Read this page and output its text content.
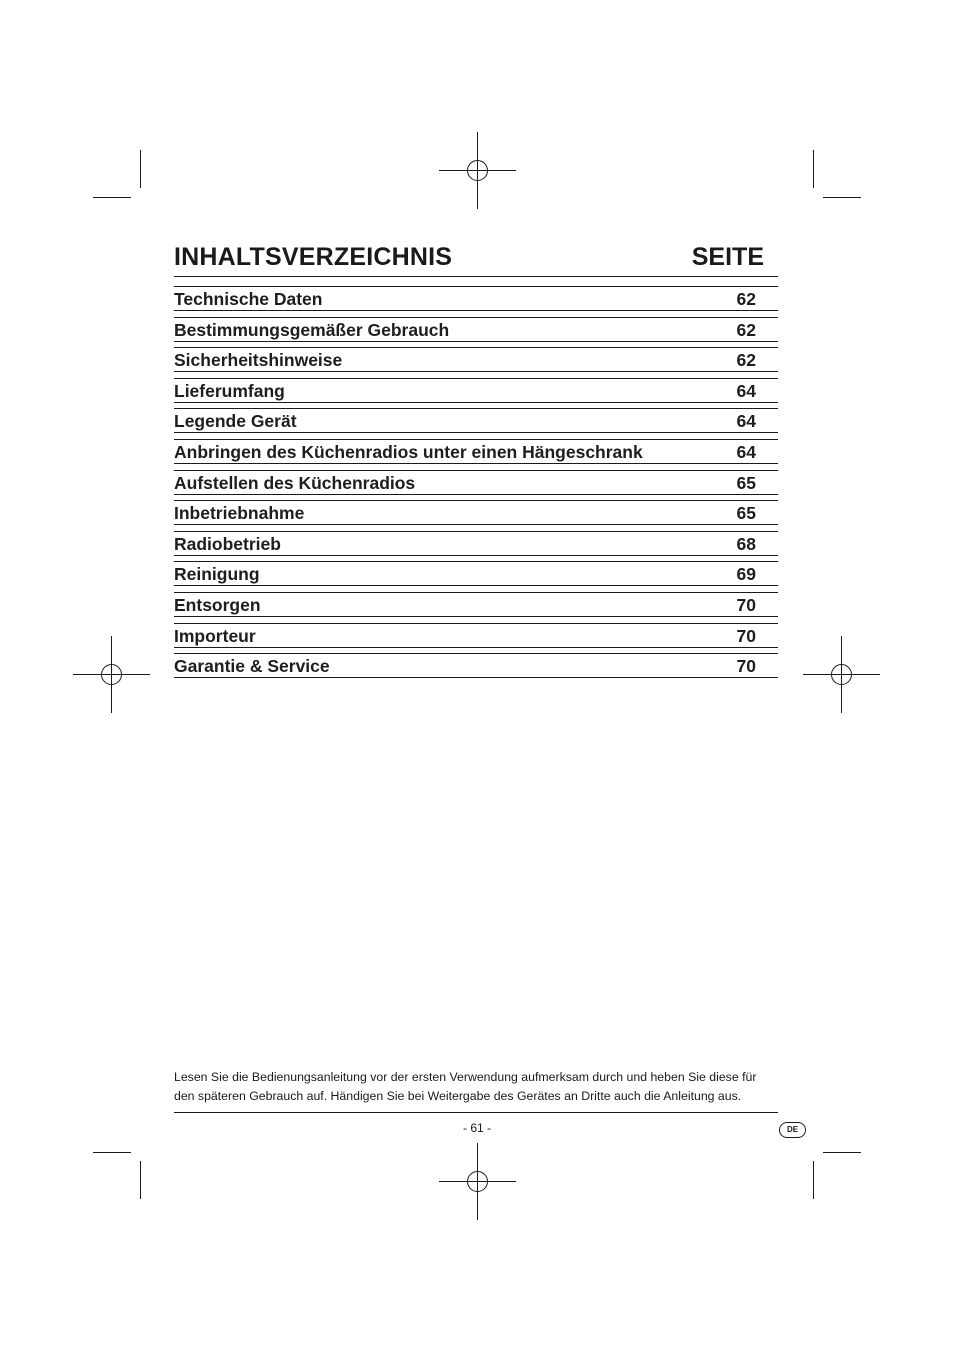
INHALTSVERZEICHNIS	SEITE
Technische Daten	62
Bestimmungsgemäßer Gebrauch	62
Sicherheitshinweise	62
Lieferumfang	64
Legende Gerät	64
Anbringen des Küchenradios unter einen Hängeschrank	64
Aufstellen des Küchenradios	65
Inbetriebnahme	65
Radiobetrieb	68
Reinigung	69
Entsorgen	70
Importeur	70
Garantie & Service	70
Lesen Sie die Bedienungsanleitung vor der ersten Verwendung aufmerksam durch und heben Sie diese für
den späteren Gebrauch auf. Händigen Sie bei Weitergabe des Gerätes an Dritte auch die Anleitung aus.
- 61 -	DE
